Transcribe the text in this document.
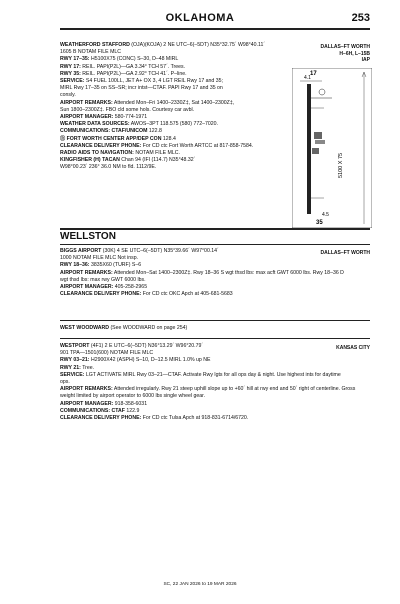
OKLAHOMA	253
WEATHERFORD STAFFORD (OJA)(KOJA) 2 NE UTC–6(–5DT) N35°32.75´ W98°40.11´
1605 B NOTAM FILE MLC
RWY 17–35: H5100X75 (CONC) S–30, D–48 MIRL
RWY 17: REIL. PAPI(P2L)—GA 3.34° TCH 57´. Trees.
RWY 35: REIL. PAPI(P2L)—GA 2.92° TCH 41´. P–line.
SERVICE: S4 FUEL 100LL, JET A+ OX 3, 4 LGT REIL Rwy 17 and 35;
MIRL Rwy 17–35 on SS–SR; incr intst—CTAF. PAPI Rwy 17 and 35 on
consly.
AIRPORT REMARKS: Attended Mon–Fri 1400–2330Z‡, Sat 1400–2300Z‡,
Sun 1800–2300Z‡. FBO cld some hols. Courtesy car avbl.
AIRPORT MANAGER: 580-774-1971
WEATHER DATA SOURCES: AWOS–3PT 118.575 (580) 772–7020.
COMMUNICATIONS: CTAF/UNICOM 122.8
Ⓡ FORT WORTH CENTER APP/DEP CON 128.4
CLEARANCE DELIVERY PHONE: For CD ctc Fort Worth ARTCC at 817-858-7584.
RADIO AIDS TO NAVIGATION: NOTAM FILE MLC.
KINGFISHER (H) TACAN Chan 94 (IFI (114.7) N35°48.32´
W98°00.23´ 236° 36.0 NM to fld. 1112/9E.
DALLAS–FT WORTH
H–6H, L–15B
IAP
4.1
17
35
4.5
5100 X 75
WELLSTON
BIGGS AIRPORT (30K) 4 SE UTC–6(–5DT) N35°39.66´ W97°00.14´
1000 NOTAM FILE MLC Not insp.
RWY 18–36: 3835X60 (TURF) S–6
AIRPORT REMARKS: Attended Mon–Sat 1400–2300Z‡. Rwy 18–36 S wgt thsd lbs: max acft GWT 6000 lbs. Rwy 18–36 D
wgt thsd lbs: max rwy GWT 6000 lbs.
AIRPORT MANAGER: 405-258-2965
CLEARANCE DELIVERY PHONE: For CD ctc OKC Apch at 405-681-5683
DALLAS–FT WORTH
WEST WOODWARD (See WOODWARD on page 254)
WESTPORT (4F1) 2 E UTC–6(–5DT) N36°13.29´ W96°20.79´
901 TPA—1501(600) NOTAM FILE MLC
RWY 03–21: H2900X42 (ASPH) S–10, D–12.5 MIRL 1.0% up NE
RWY 21: Tree.
SERVICE: LGT ACTIVATE MIRL Rwy 03–21—CTAF. Activate Rwy lgts for all ops day & night. Use highest ints for daytime
ops.
AIRPORT REMARKS: Attended irregularly. Rwy 21 steep uphill slope up to +60´ hill at rwy end and 50´ right of centerline. Gross
weight limited by airport operator to 6000 lbs single wheel gear.
AIRPORT MANAGER: 918-358-6031
COMMUNICATIONS: CTAF 122.9
CLEARANCE DELIVERY PHONE: For CD ctc Tulsa Apch at 918-831-6714/6720.
KANSAS CITY
SC, 22 JAN 2026 to 19 MAR 2026
